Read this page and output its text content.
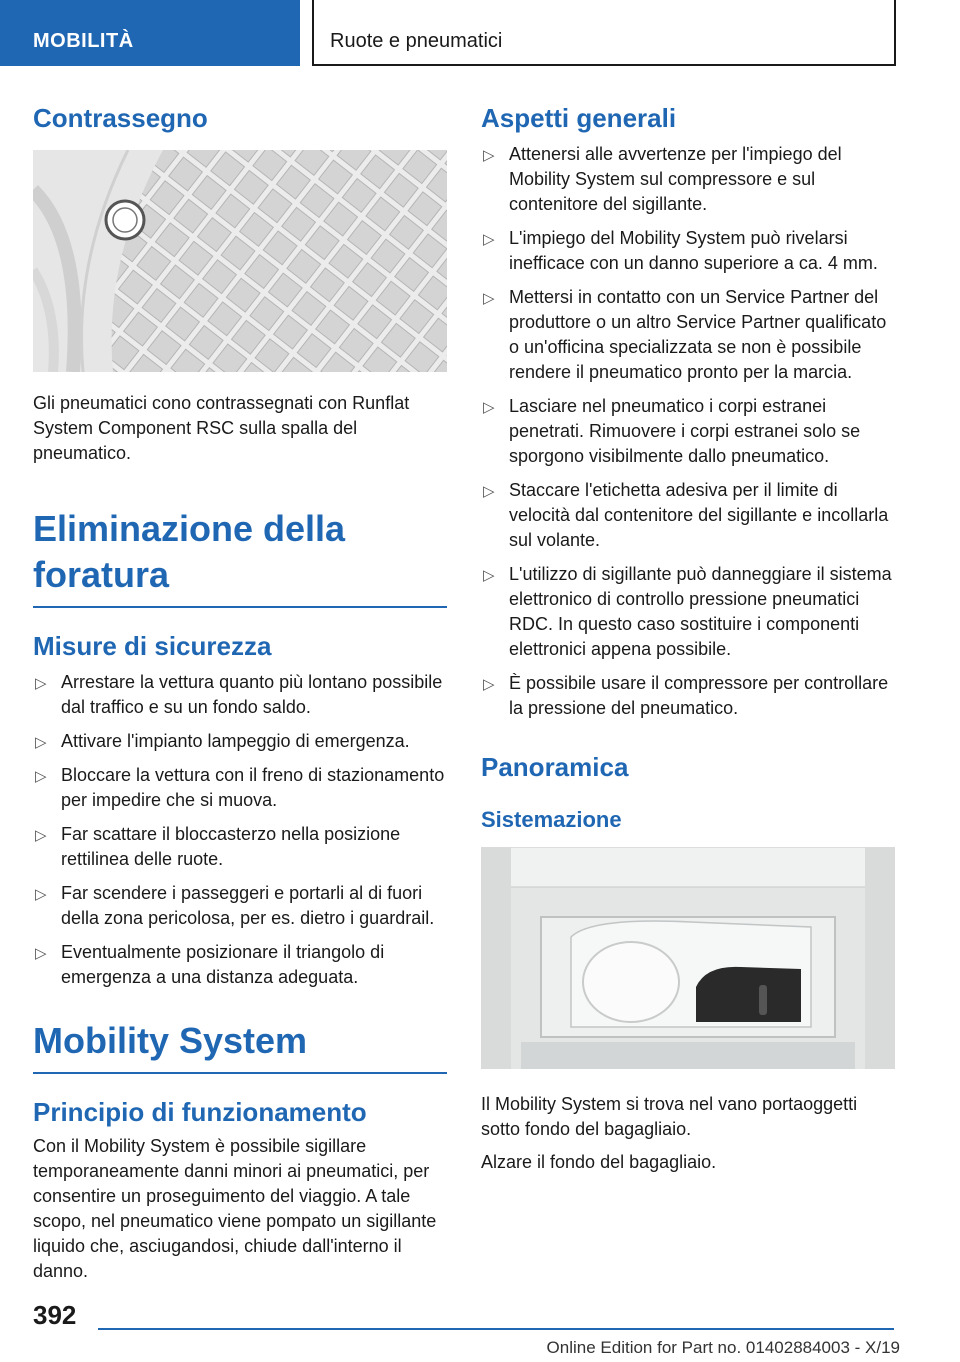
MOBILITÀ	Ruote e pneumatici
Contrassegno

Gli pneumatici cono contrassegnati con Runflat System Component RSC sulla spalla del pneumatico.

Eliminazione della foratura
Misure di sicurezza
▷ Arrestare la vettura quanto più lontano possibile dal traffico e su un fondo saldo.
▷ Attivare l'impianto lampeggio di emergenza.
▷ Bloccare la vettura con il freno di stazionamento per impedire che si muova.
▷ Far scattare il bloccasterzo nella posizione rettilinea delle ruote.
▷ Far scendere i passeggeri e portarli al di fuori della zona pericolosa, per es. dietro i guardrail.
▷ Eventualmente posizionare il triangolo di emergenza a una distanza adeguata.
Mobility System
Principio di funzionamento

Con il Mobility System è possibile sigillare temporaneamente danni minori ai pneumatici, per consentire un proseguimento del viaggio. A tale scopo, nel pneumatico viene pompato un sigillante liquido che, asciugandosi, chiude dall'interno il danno.

Aspetti generali
▷ Attenersi alle avvertenze per l'impiego del Mobility System sul compressore e sul contenitore del sigillante.
▷ L'impiego del Mobility System può rivelarsi inefficace con un danno superiore a ca. 4 mm.
▷ Mettersi in contatto con un Service Partner del produttore o un altro Service Partner qualificato o un'officina specializzata se non è possibile rendere il pneumatico pronto per la marcia.
▷ Lasciare nel pneumatico i corpi estranei penetrati. Rimuovere i corpi estranei solo se sporgono visibilmente dallo pneumatico.
▷ Staccare l'etichetta adesiva per il limite di velocità dal contenitore del sigillante e incollarla sul volante.
▷ L'utilizzo di sigillante può danneggiare il sistema elettronico di controllo pressione pneumatici RDC. In questo caso sostituire i componenti elettronici appena possibile.
▷ È possibile usare il compressore per controllare la pressione del pneumatico.
Panoramica
Sistemazione

Il Mobility System si trova nel vano portaoggetti sotto fondo del bagagliaio.

Alzare il fondo del bagagliaio.

392
Online Edition for Part no. 01402884003 - X/19
